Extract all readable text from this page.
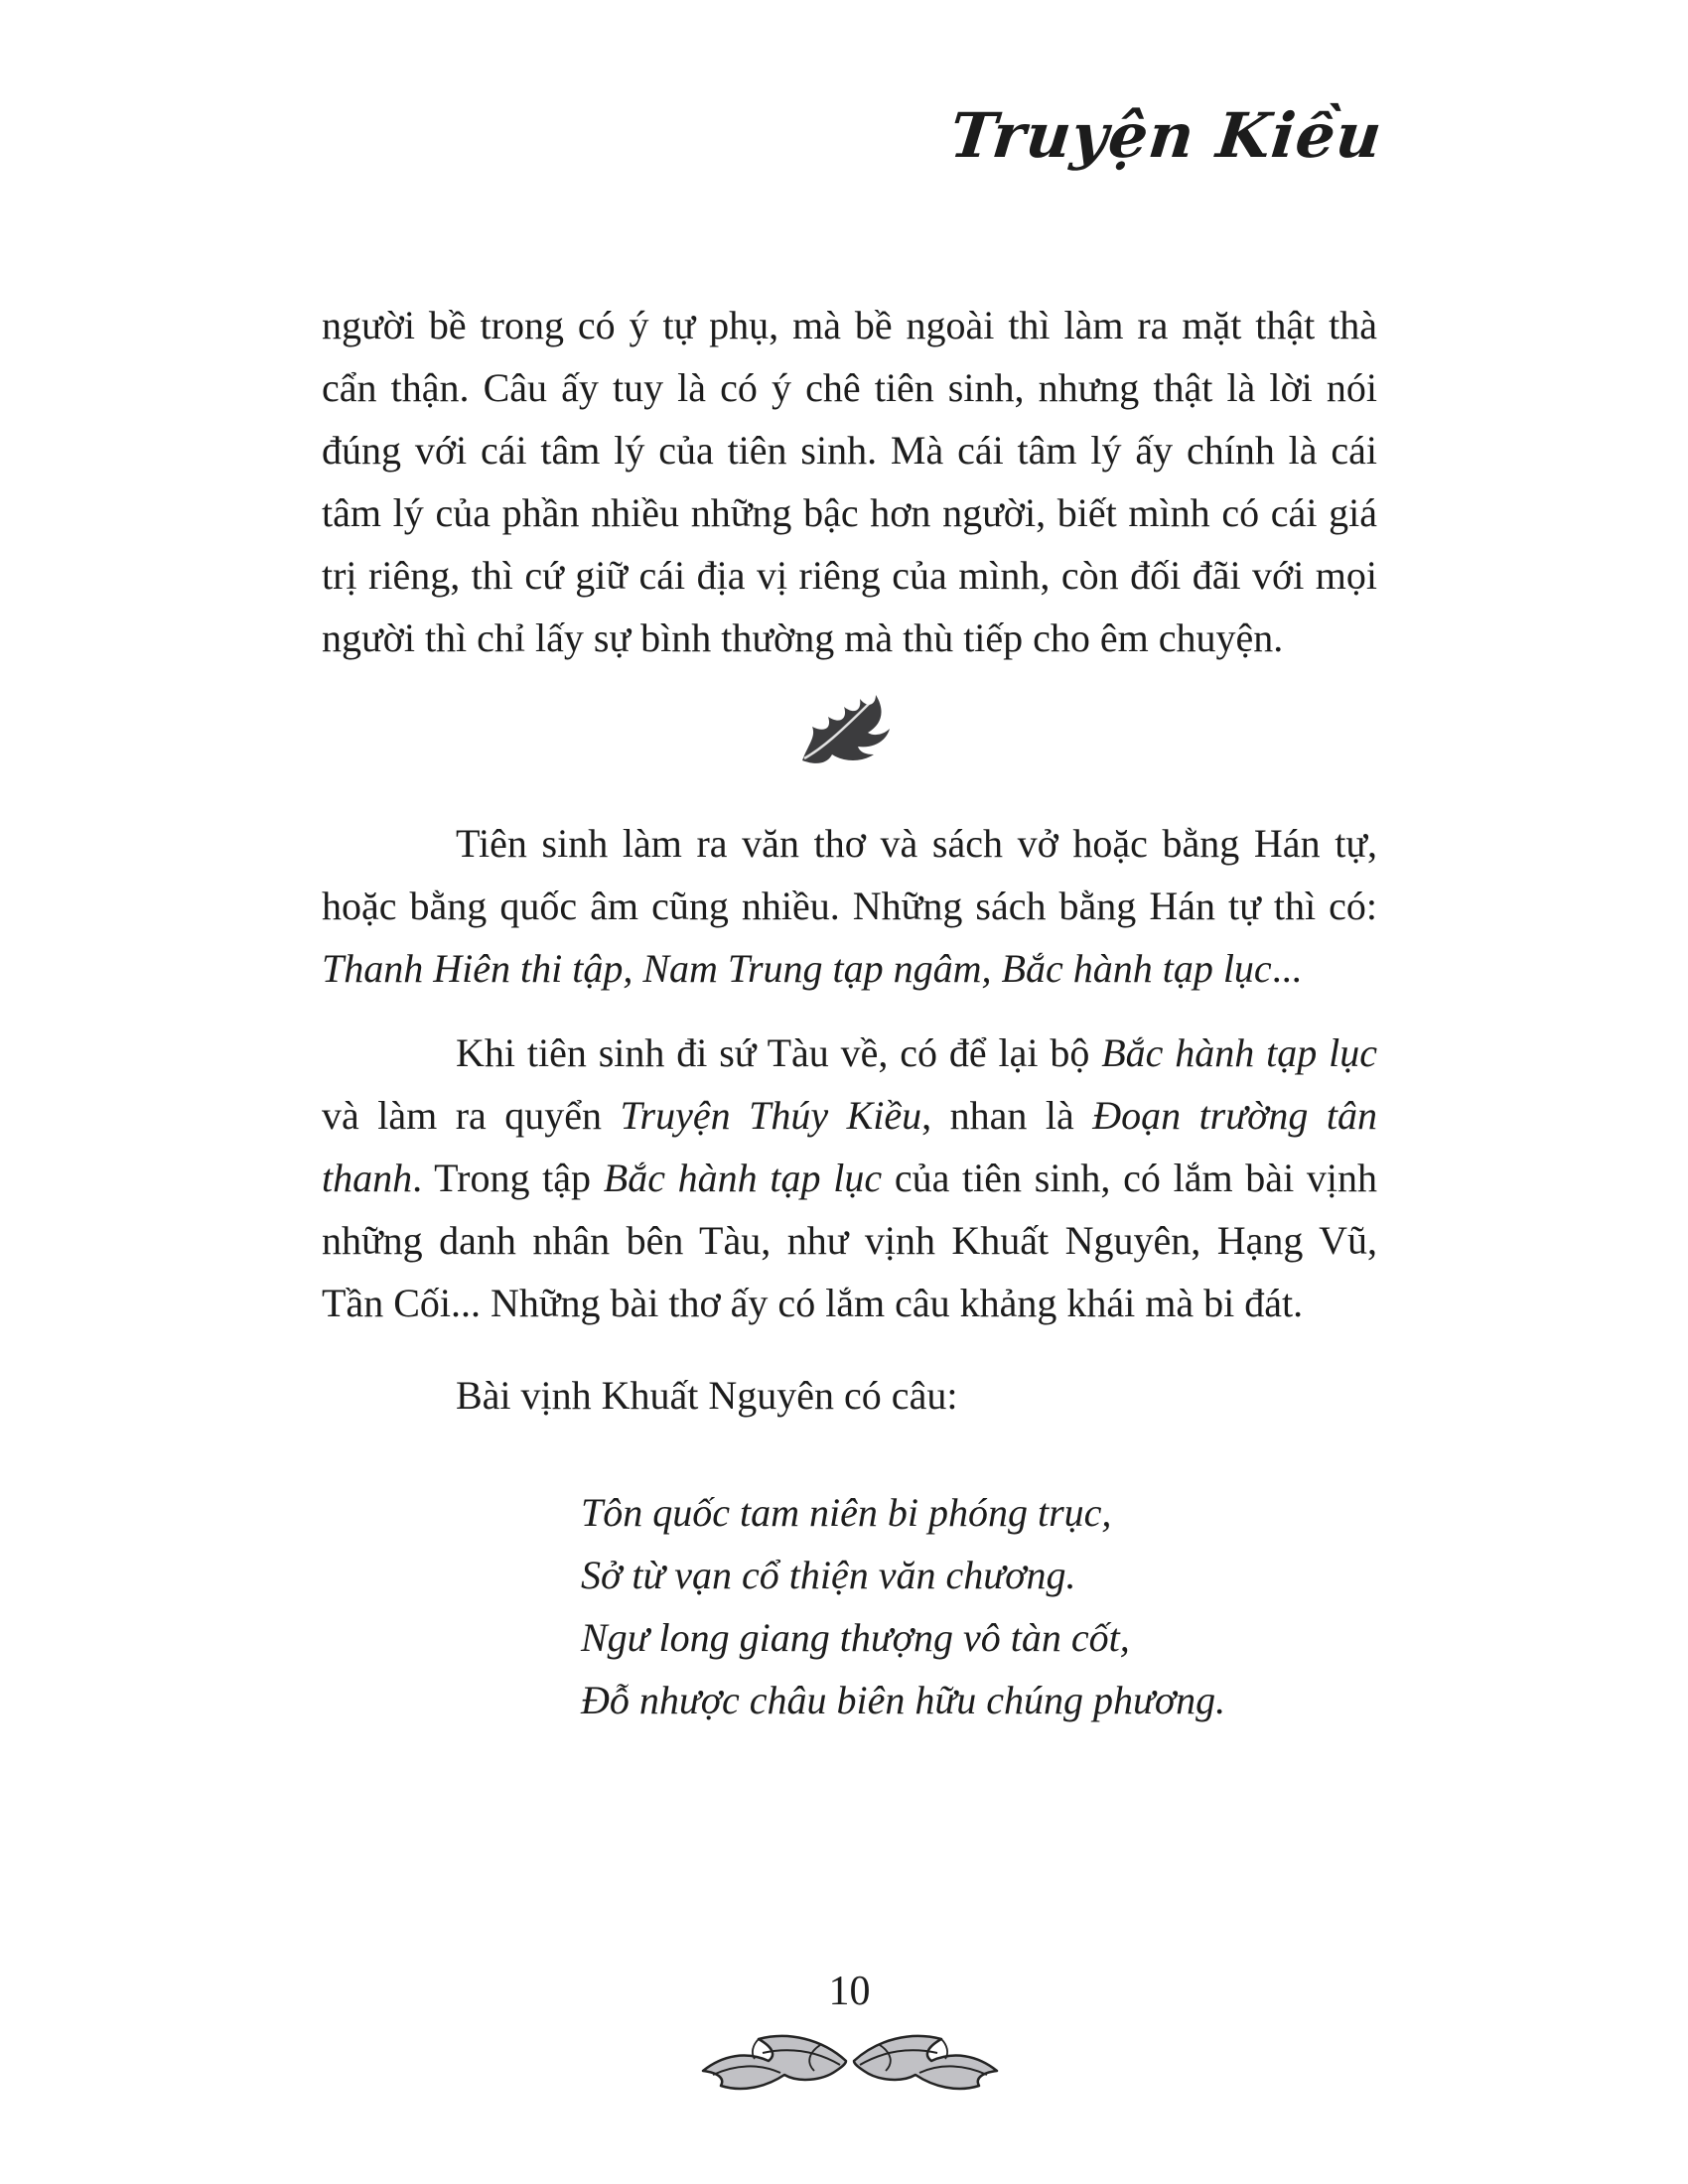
Truyện Kiều

người bề trong có ý tự phụ, mà bề ngoài thì làm ra mặt thật thà cẩn thận. Câu ấy tuy là có ý chê tiên sinh, nhưng thật là lời nói đúng với cái tâm lý của tiên sinh. Mà cái tâm lý ấy chính là cái tâm lý của phần nhiều những bậc hơn người, biết mình có cái giá trị riêng, thì cứ giữ cái địa vị riêng của mình, còn đối đãi với mọi người thì chỉ lấy sự bình thường mà thù tiếp cho êm chuyện.

Tiên sinh làm ra văn thơ và sách vở hoặc bằng Hán tự, hoặc bằng quốc âm cũng nhiều. Những sách bằng Hán tự thì có: Thanh Hiên thi tập, Nam Trung tạp ngâm, Bắc hành tạp lục...

Khi tiên sinh đi sứ Tàu về, có để lại bộ Bắc hành tạp lục và làm ra quyển Truyện Thúy Kiều, nhan là Đoạn trường tân thanh. Trong tập Bắc hành tạp lục của tiên sinh, có lắm bài vịnh những danh nhân bên Tàu, như vịnh Khuất Nguyên, Hạng Vũ, Tần Cối... Những bài thơ ấy có lắm câu khảng khái mà bi đát.

Bài vịnh Khuất Nguyên có câu:

Tôn quốc tam niên bi phóng trục,
Sở từ vạn cổ thiện văn chương.
Ngư long giang thượng vô tàn cốt,
Đỗ nhược châu biên hữu chúng phương.
10
